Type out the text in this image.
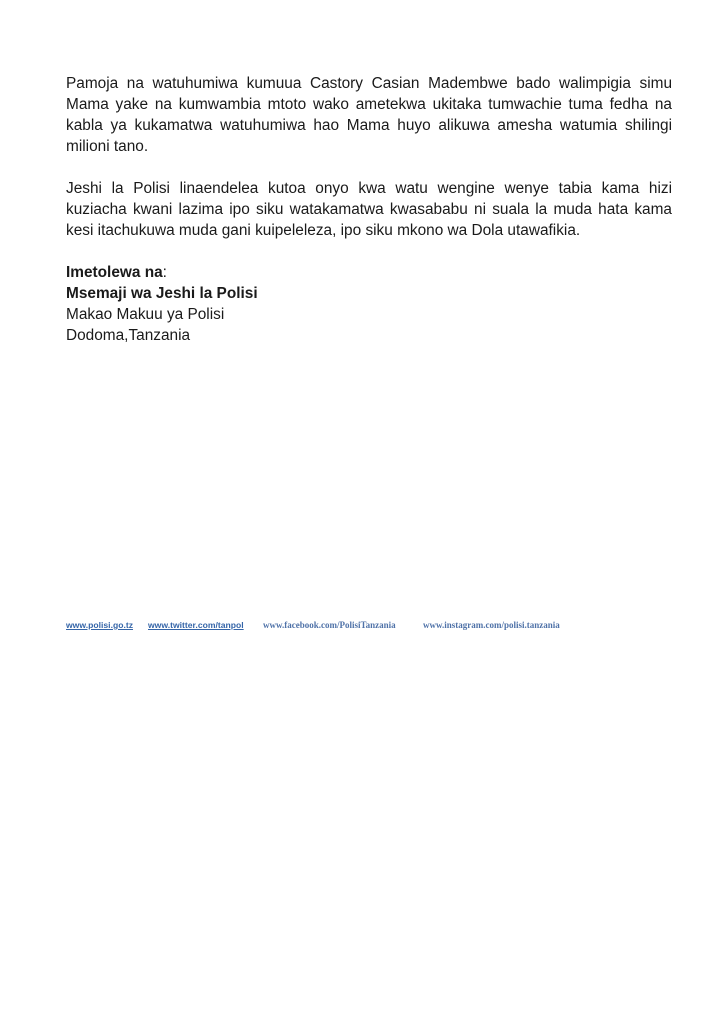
Pamoja na watuhumiwa kumuua Castory Casian Madembwe bado walimpigia simu Mama yake na kumwambia mtoto wako ametekwa ukitaka tumwachie tuma fedha na kabla ya kukamatwa watuhumiwa hao Mama huyo alikuwa amesha watumia shilingi milioni tano.

Jeshi la Polisi linaendelea kutoa onyo kwa watu wengine wenye tabia kama hizi kuziacha kwani lazima ipo siku watakamatwa kwasababu ni suala la muda hata kama kesi itachukuwa muda gani kuipeleleza, ipo siku mkono wa Dola utawafikia.

Imetolewa na:
Msemaji wa Jeshi la Polisi
Makao Makuu ya Polisi
Dodoma,Tanzania
www.polisi.go.tz www.twitter.com/tanpol www.facebook.com/PolisiTanzania	www.instagram.com/polisi.tanzania
